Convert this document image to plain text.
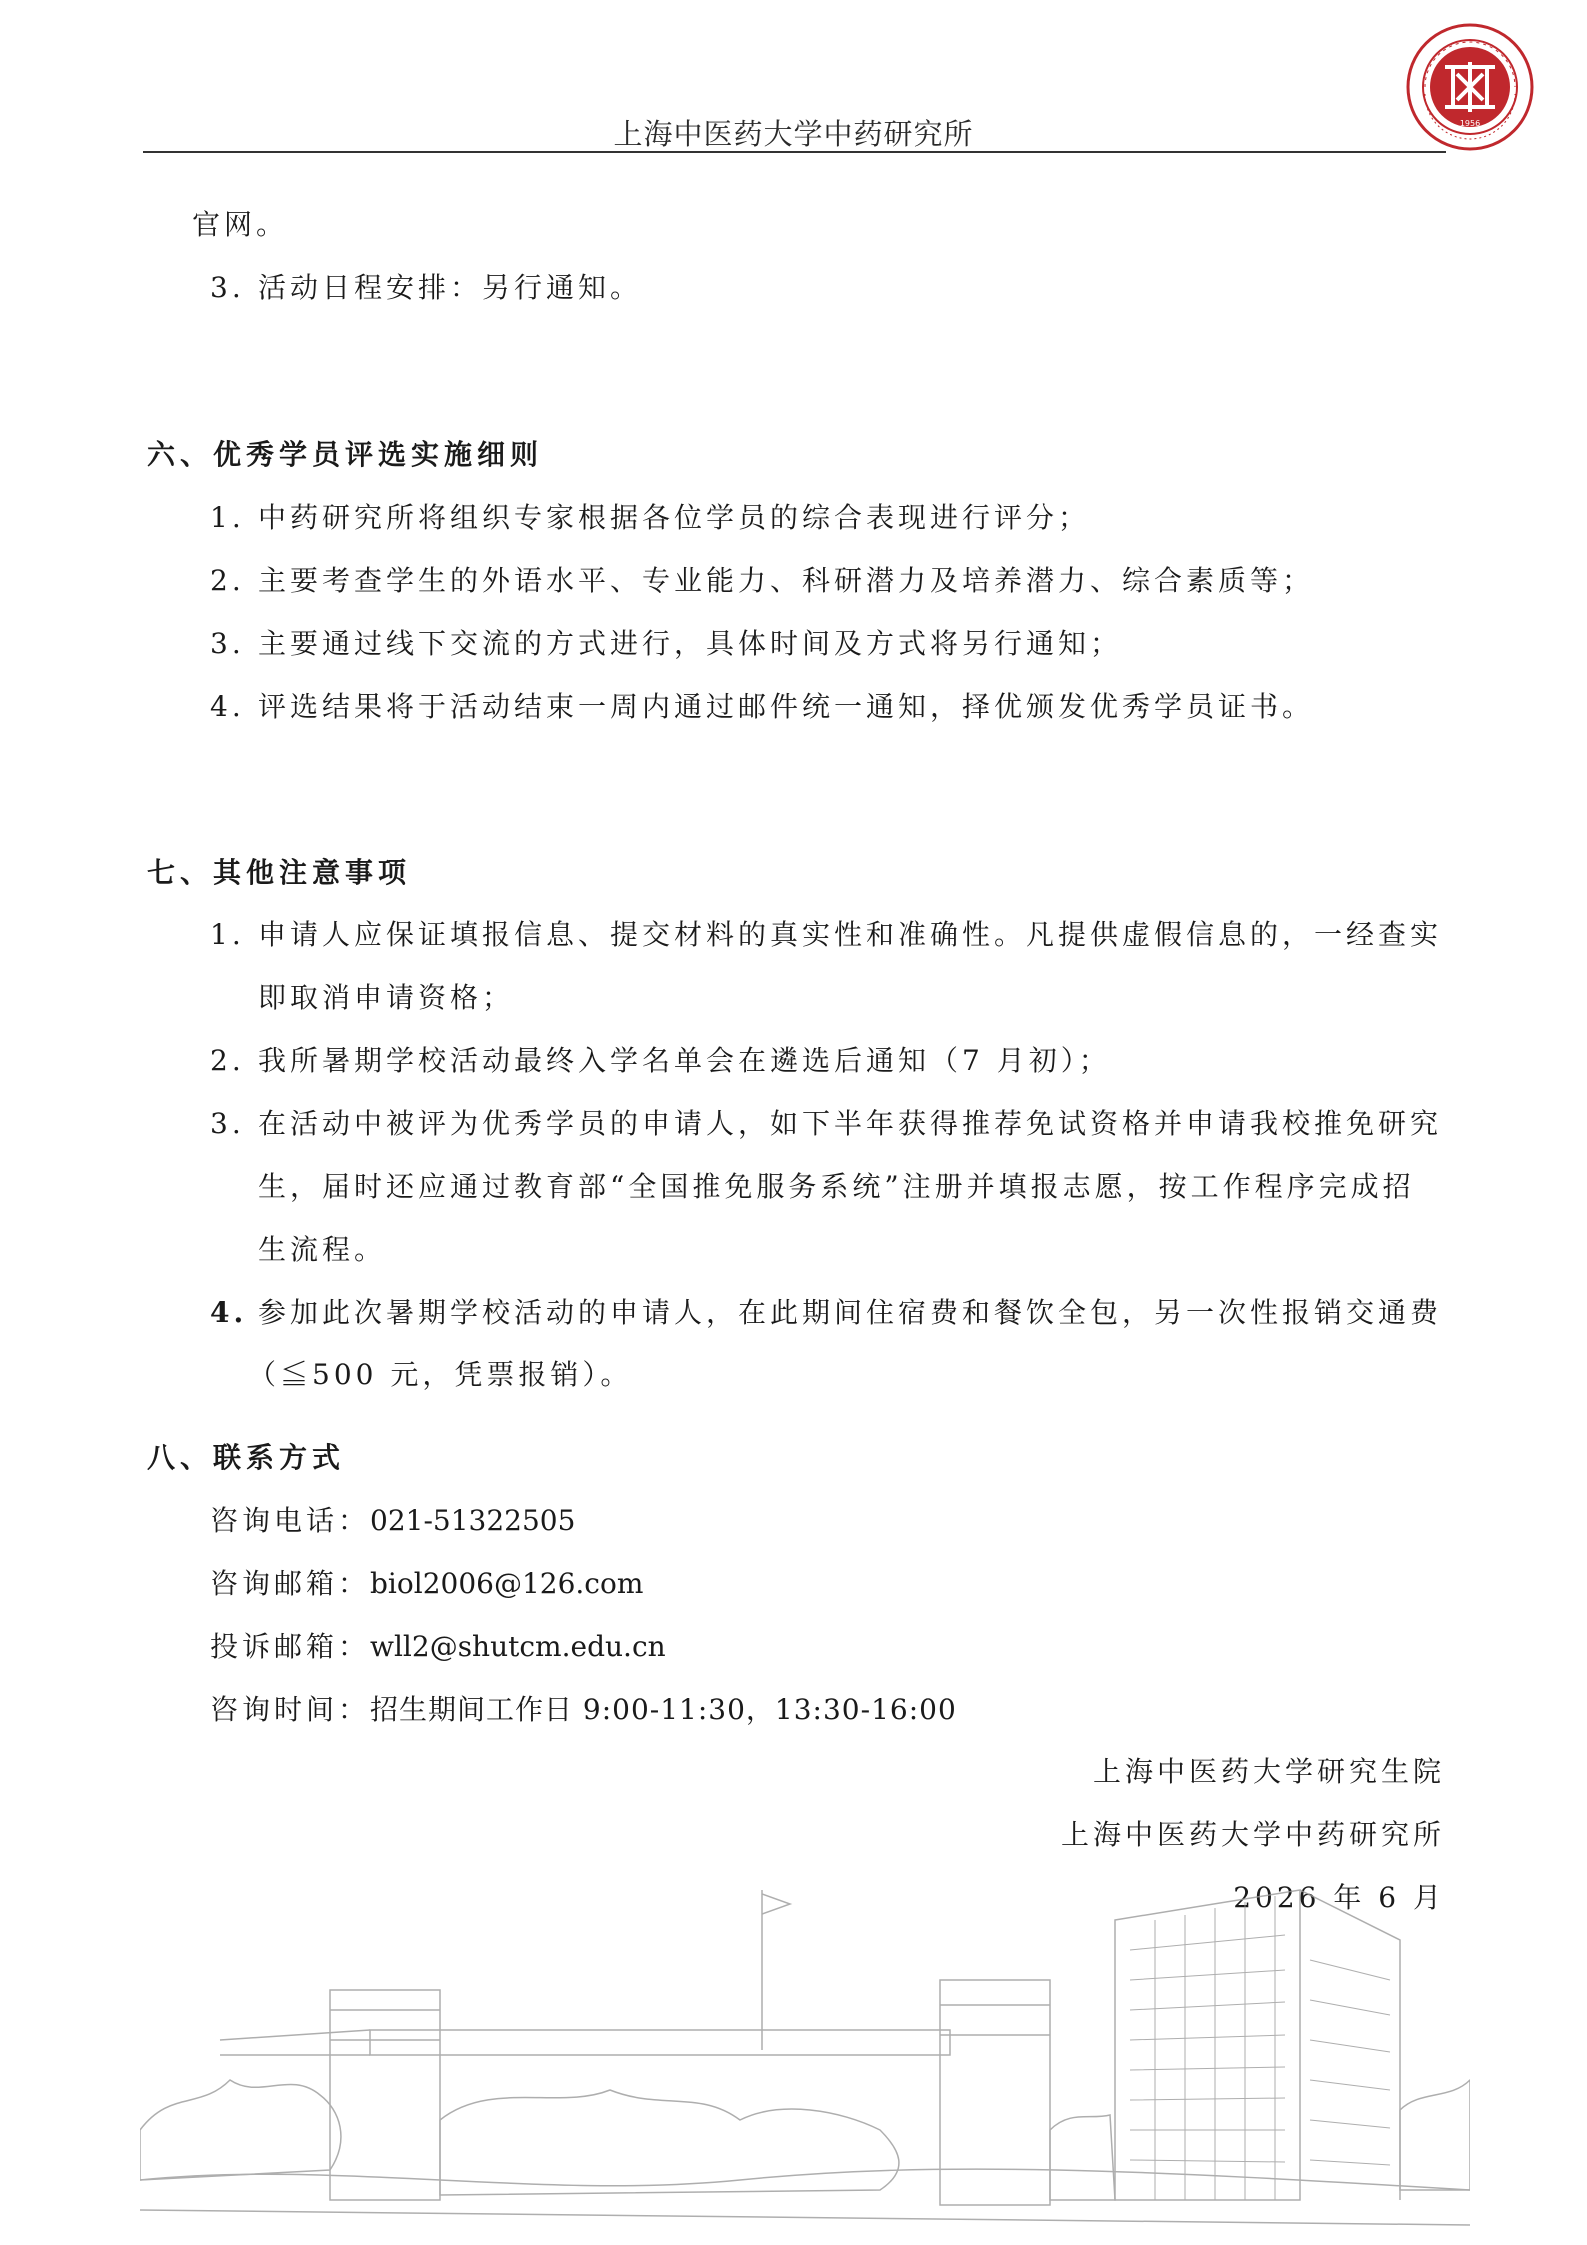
上海中医药大学中药研究所	1956
官网。
3. 活动日程安排：另行通知。
六、优秀学员评选实施细则
1. 中药研究所将组织专家根据各位学员的综合表现进行评分；
2. 主要考查学生的外语水平、专业能力、科研潜力及培养潜力、综合素质等；
3. 主要通过线下交流的方式进行，具体时间及方式将另行通知；
4. 评选结果将于活动结束一周内通过邮件统一通知，择优颁发优秀学员证书。
七、其他注意事项
1. 申请人应保证填报信息、提交材料的真实性和准确性。凡提供虚假信息的，一经查实
即取消申请资格；
2. 我所暑期学校活动最终入学名单会在遴选后通知（7 月初）；
3. 在活动中被评为优秀学员的申请人，如下半年获得推荐免试资格并申请我校推免研究
生，届时还应通过教育部“全国推免服务系统”注册并填报志愿，按工作程序完成招
生流程。
4. 参加此次暑期学校活动的申请人，在此期间住宿费和餐饮全包，另一次性报销交通费
（≦500 元，凭票报销）。
八、联系方式
咨询电话： 021-51322505
咨询邮箱： biol2006@126.com
投诉邮箱： wll2@shutcm.edu.cn
咨询时间： 招生期间工作日 9:00-11:30，13:30-16:00
上海中医药大学研究生院
上海中医药大学中药研究所
2026 年 6 月
